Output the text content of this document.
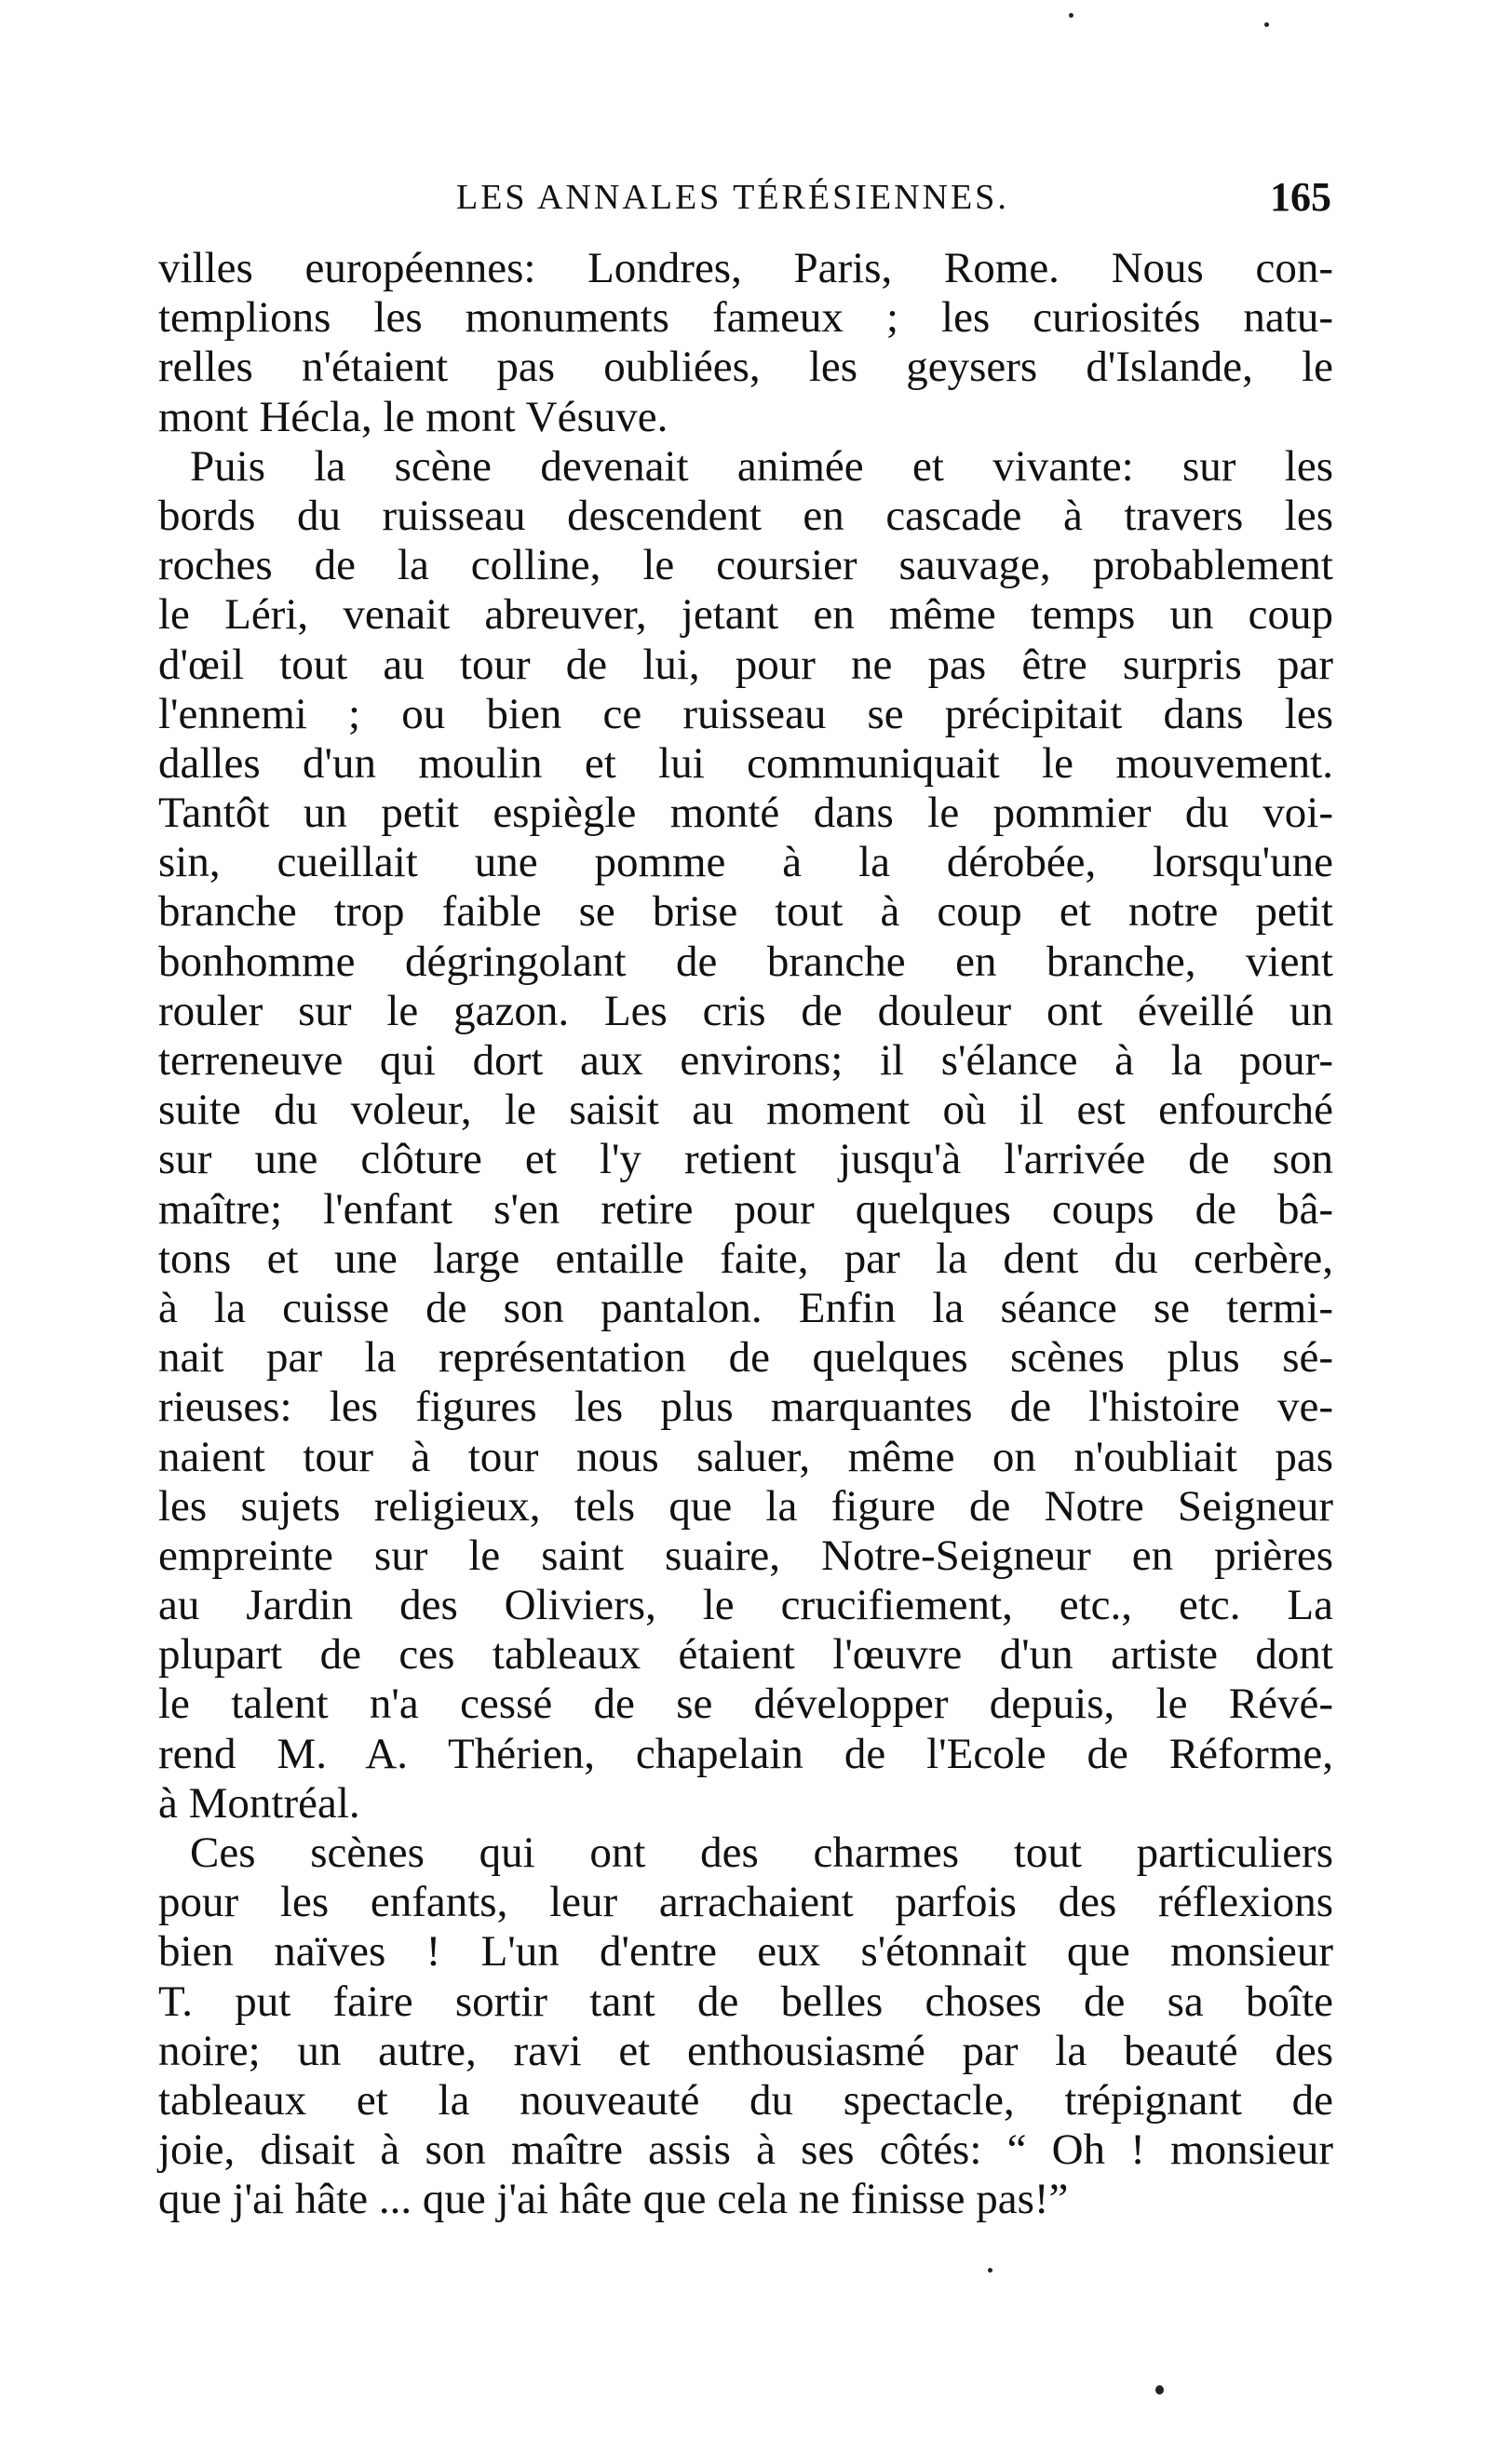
LES ANNALES TÉRÉSIENNES.	165
villes européennes: Londres, Paris, Rome. Nous con-
templions les monuments fameux ; les curiosités natu-
relles n'étaient pas oubliées, les geysers d'Islande, le
mont Hécla, le mont Vésuve.
Puis la scène devenait animée et vivante: sur les
bords du ruisseau descendent en cascade à travers les
roches de la colline, le coursier sauvage, probablement
le Léri, venait abreuver, jetant en même temps un coup
d'œil tout au tour de lui, pour ne pas être surpris par
l'ennemi ; ou bien ce ruisseau se précipitait dans les
dalles d'un moulin et lui communiquait le mouvement.
Tantôt un petit espiègle monté dans le pommier du voi-
sin, cueillait une pomme à la dérobée, lorsqu'une
branche trop faible se brise tout à coup et notre petit
bonhomme dégringolant de branche en branche, vient
rouler sur le gazon. Les cris de douleur ont éveillé un
terreneuve qui dort aux environs; il s'élance à la pour-
suite du voleur, le saisit au moment où il est enfourché
sur une clôture et l'y retient jusqu'à l'arrivée de son
maître; l'enfant s'en retire pour quelques coups de bâ-
tons et une large entaille faite, par la dent du cerbère,
à la cuisse de son pantalon. Enfin la séance se termi-
nait par la représentation de quelques scènes plus sé-
rieuses: les figures les plus marquantes de l'histoire ve-
naient tour à tour nous saluer, même on n'oubliait pas
les sujets religieux, tels que la figure de Notre Seigneur
empreinte sur le saint suaire, Notre-Seigneur en prières
au Jardin des Oliviers, le crucifiement, etc., etc. La
plupart de ces tableaux étaient l'œuvre d'un artiste dont
le talent n'a cessé de se développer depuis, le Révé-
rend M. A. Thérien, chapelain de l'Ecole de Réforme,
à Montréal.
Ces scènes qui ont des charmes tout particuliers
pour les enfants, leur arrachaient parfois des réflexions
bien naïves ! L'un d'entre eux s'étonnait que monsieur
T. put faire sortir tant de belles choses de sa boîte
noire; un autre, ravi et enthousiasmé par la beauté des
tableaux et la nouveauté du spectacle, trépignant de
joie, disait à son maître assis à ses côtés: “ Oh ! monsieur
que j'ai hâte ... que j'ai hâte que cela ne finisse pas!”
